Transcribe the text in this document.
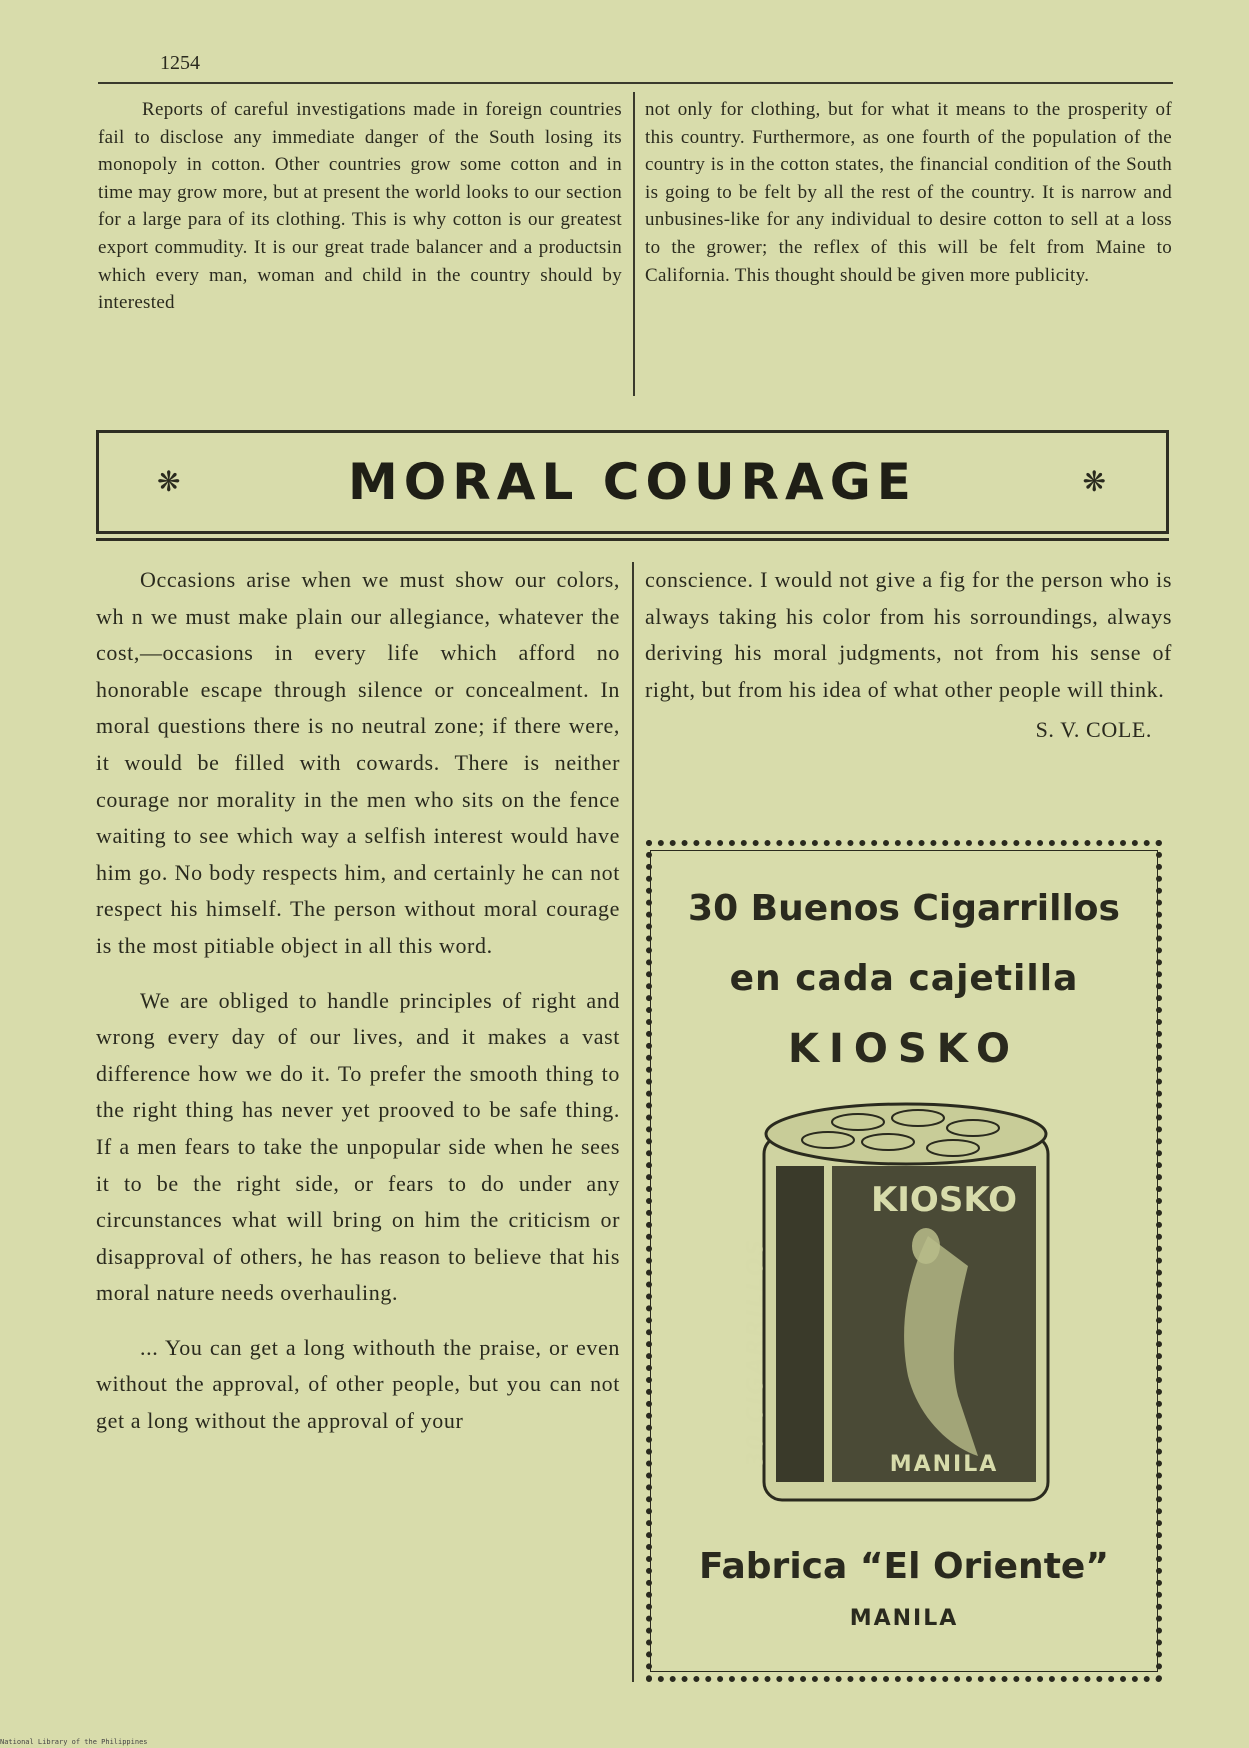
1254

Reports of careful investigations made in foreign countries fail to disclose any immediate danger of the South losing its monopoly in cotton. Other countries grow some cotton and in time may grow more, but at present the world looks to our section for a large para of its clothing. This is why cotton is our greatest export commudity. It is our great trade balancer and a productsin which every man, woman and child in the country should by interested

not only for clothing, but for what it means to the prosperity of this country. Furthermore, as one fourth of the population of the country is in the cotton states, the financial condition of the South is going to be felt by all the rest of the country. It is narrow and unbusines-like for any individual to desire cotton to sell at a loss to the grower; the reflex of this will be felt from Maine to California. This thought should be given more publicity.

❋	MORAL COURAGE	❋

Occasions arise when we must show our colors, wh n we must make plain our allegiance, whatever the cost,—occasions in every life which afford no honorable escape through silence or concealment. In moral questions there is no neutral zone; if there were, it would be filled with cowards. There is neither courage nor morality in the men who sits on the fence waiting to see which way a selfish interest would have him go. No body respects him, and certainly he can not respect his himself. The person without moral courage is the most pitiable object in all this word.

We are obliged to handle principles of right and wrong every day of our lives, and it makes a vast difference how we do it. To prefer the smooth thing to the right thing has never yet prooved to be safe thing. If a men fears to take the unpopular side when he sees it to be the right side, or fears to do under any circunstances what will bring on him the criticism or disapproval of others, he has reason to believe that his moral nature needs overhauling.

... You can get a long withouth the praise, or even without the approval, of other people, but you can not get a long without the approval of your

conscience. I would not give a fig for the person who is always taking his color from his sorroundings, always deriving his moral judgments, not from his sense of right, but from his idea of what other people will think.

S. V. COLE.

30 Buenos Cigarrillos
en cada cajetilla
KIOSKO
KIOSKO
30 CIGARRILLOS	MANILA
Fabrica “El Oriente”
MANILA
National Library of the Philippines
